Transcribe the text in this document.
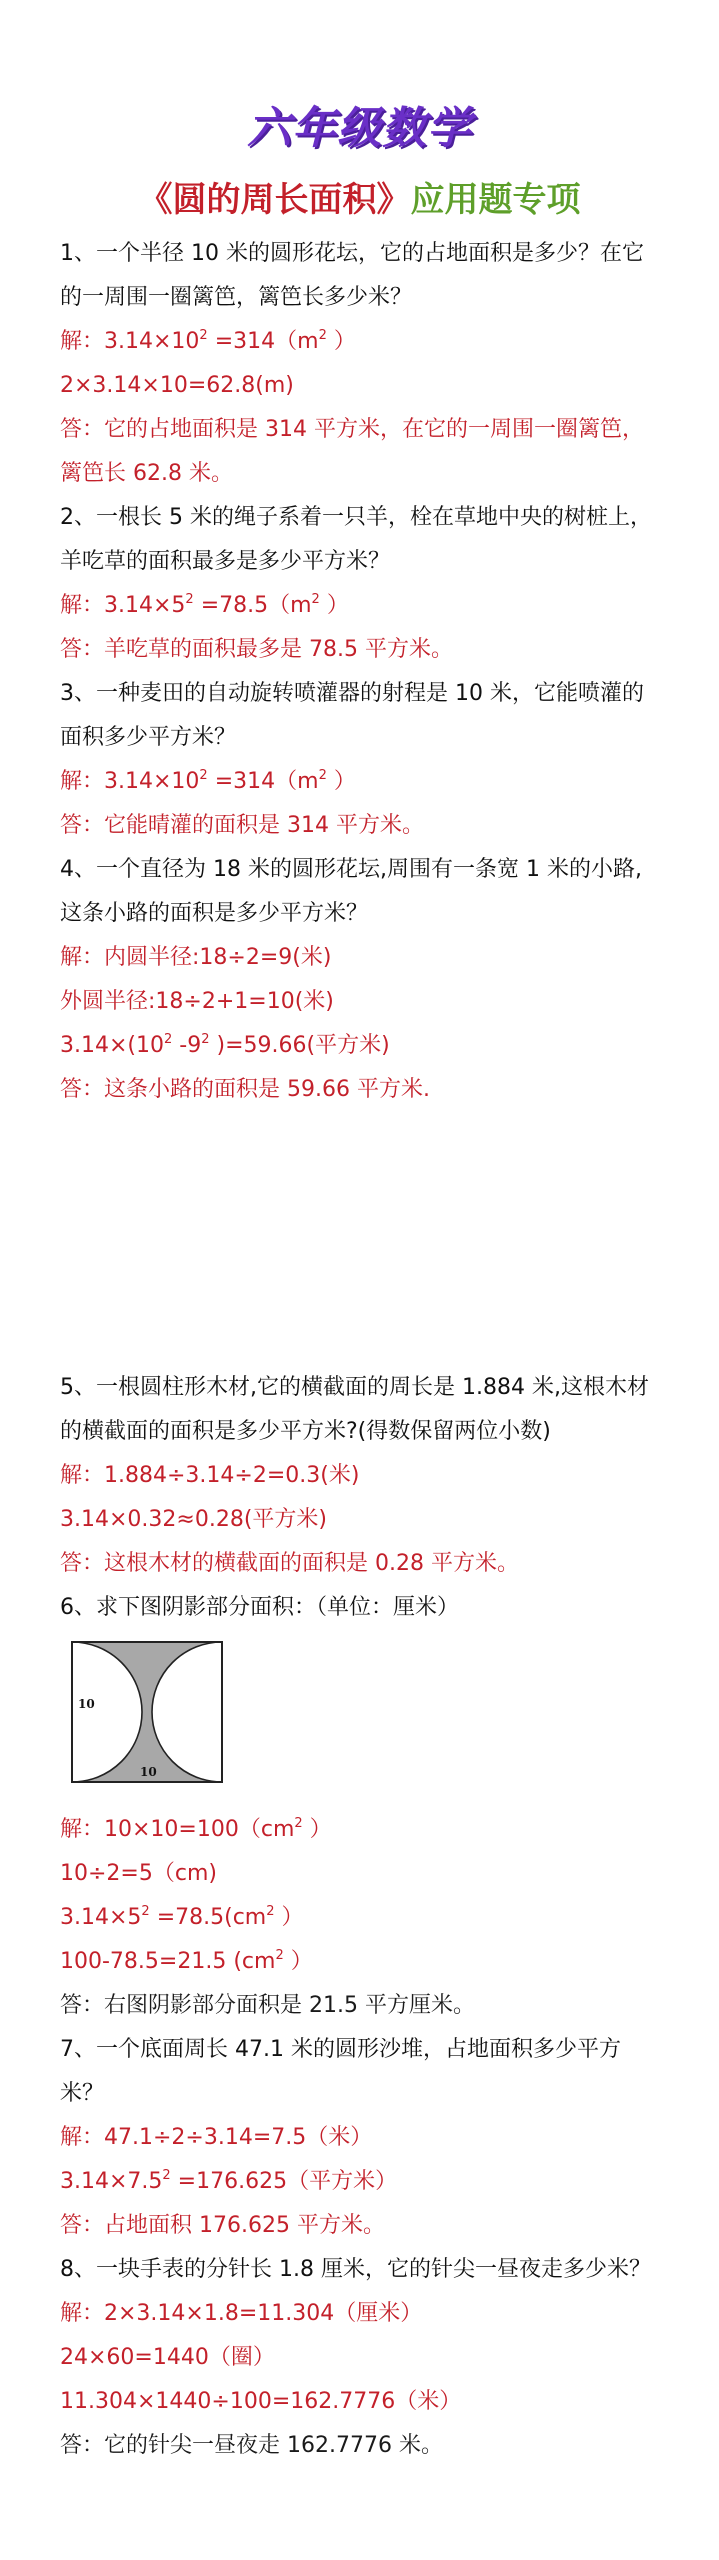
六年级数学
《圆的周长面积》应用题专项
1、一个半径 10 米的圆形花坛，它的占地面积是多少？在它
的一周围一圈篱笆，篱笆长多少米？
解：$3.14\times 10^2 =314(m^2$ ）
2×3.14×10=62.8(m)
答：它的占地面积是 314 平方米，在它的一周围一圈篱笆，
篱笆长 62.8 米。
2、一根长 5 米的绳子系着一只羊，栓在草地中央的树桩上，
羊吃草的面积最多是多少平方米？
解：$3.14\times 5^2 =78.5(m^2$ ）
答：羊吃草的面积最多是 78.5 平方米。
3、一种麦田的自动旋转喷灌器的射程是 10 米，它能喷灌的
面积多少平方米？
解：$3.14\times 10^2 =314(m^2$ ）
答：它能晴灌的面积是 314 平方米。
4、一个直径为 18 米的圆形花坛,周围有一条宽 1 米的小路,
这条小路的面积是多少平方米？
解：内圆半径:18÷2=9(米)
外圆半径:18÷2+1=10(米)
$3.14\times(10^2$ $-9^2$ )=59.66(平方米)
答：这条小路的面积是 59.66 平方米.
5、一根圆柱形木材,它的横截面的周长是 1.884 米,这根木材
的横截面的面积是多少平方米?(得数保留两位小数)
解：1.884÷3.14÷2=0.3(米)
3.14×0.32≈0.28(平方米)
答：这根木材的横截面的面积是 0.28 平方米。
6、求下图阴影部分面积：（单位：厘米）
10
10
解：$10\times 10=100(cm^2$ ）
10÷2=5（cm)
$3.14\times 5^2 =78.5(cm^2$ ）
100-78.5=21.5 ($cm^2$ ）
答：右图阴影部分面积是 21.5 平方厘米。
7、一个底面周长 47.1 米的圆形沙堆，占地面积多少平方
米？
解：47.1÷2÷3.14=7.5（米）
$3.14\times 7.5^2 =176.625$（平方米）
答：占地面积 176.625 平方米。
8、一块手表的分针长 1.8 厘米，它的针尖一昼夜走多少米？
解：2×3.14×1.8=11.304（厘米）
24×60=1440（圈）
11.304×1440÷100=162.7776（米）
答：它的针尖一昼夜走 162.7776 米。
